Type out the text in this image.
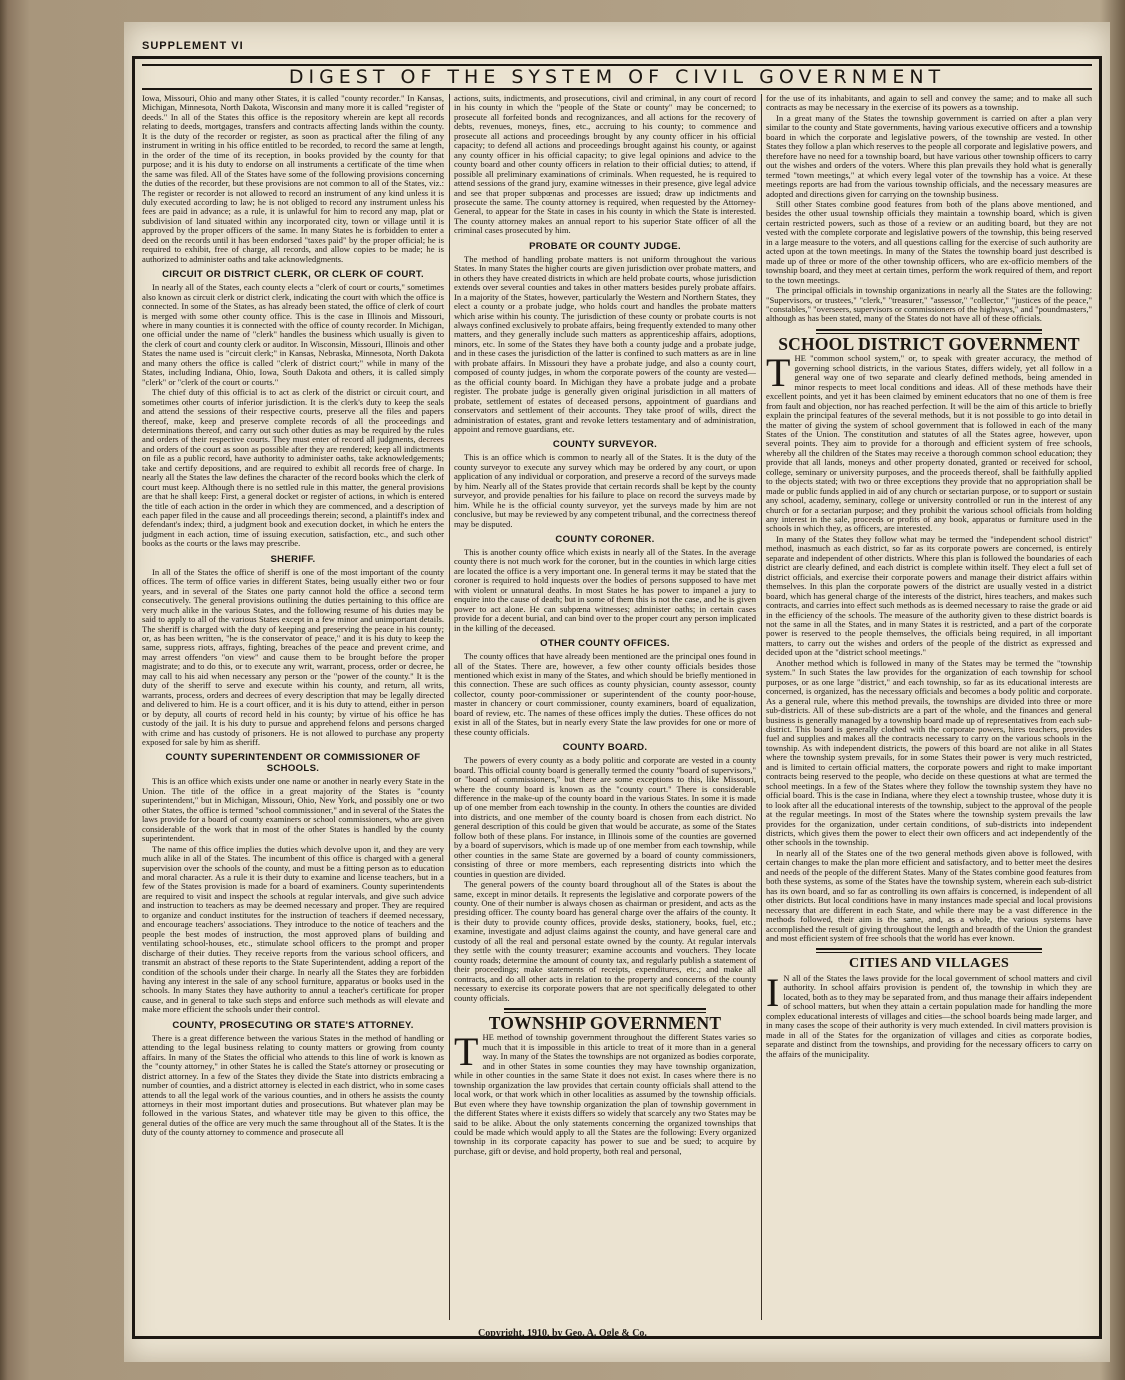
SUPPLEMENT VI
DIGEST OF THE SYSTEM OF CIVIL GOVERNMENT

Iowa, Missouri, Ohio and many other States, it is called "county recorder." In Kansas, Michigan, Minnesota, North Dakota, Wisconsin and many more it is called "register of deeds." In all of the States this office is the repository wherein are kept all records relating to deeds, mortgages, transfers and contracts affecting lands within the county. It is the duty of the recorder or register, as soon as practical after the filing of any instrument in writing in his office entitled to be recorded, to record the same at length, in the order of the time of its reception, in books provided by the county for that purpose; and it is his duty to endorse on all instruments a certificate of the time when the same was filed. All of the States have some of the following provisions concerning the duties of the recorder, but these provisions are not common to all of the States, viz.: The register or recorder is not allowed to record an instrument of any kind unless it is duly executed according to law; he is not obliged to record any instrument unless his fees are paid in advance; as a rule, it is unlawful for him to record any map, plat or subdivision of land situated within any incorporated city, town or village until it is approved by the proper officers of the same. In many States he is forbidden to enter a deed on the records until it has been endorsed "taxes paid" by the proper official; he is required to exhibit, free of charge, all records, and allow copies to be made; he is authorized to administer oaths and take acknowledgments.

CIRCUIT OR DISTRICT CLERK, OR CLERK OF COURT.

In nearly all of the States, each county elects a "clerk of court or courts," sometimes also known as circuit clerk or district clerk, indicating the court with which the office is connected. In some of the States, as has already been stated, the office of clerk of court is merged with some other county office. This is the case in Illinois and Missouri, where in many counties it is connected with the office of county recorder. In Michigan, one official under the name of "clerk" handles the business which usually is given to the clerk of court and county clerk or auditor. In Wisconsin, Missouri, Illinois and other States the name used is "circuit clerk;" in Kansas, Nebraska, Minnesota, North Dakota and many others the office is called "clerk of district court;" while in many of the States, including Indiana, Ohio, Iowa, South Dakota and others, it is called simply "clerk" or "clerk of the court or courts."

The chief duty of this official is to act as clerk of the district or circuit court, and sometimes other courts of inferior jurisdiction. It is the clerk's duty to keep the seals and attend the sessions of their respective courts, preserve all the files and papers thereof, make, keep and preserve complete records of all the proceedings and determinations thereof, and carry out such other duties as may be required by the rules and orders of their respective courts. They must enter of record all judgments, decrees and orders of the court as soon as possible after they are rendered; keep all indictments on file as a public record, have authority to administer oaths, take acknowledgements; take and certify depositions, and are required to exhibit all records free of charge. In nearly all the States the law defines the character of the record books which the clerk of court must keep. Although there is no settled rule in this matter, the general provisions are that he shall keep: First, a general docket or register of actions, in which is entered the title of each action in the order in which they are commenced, and a description of each paper filed in the cause and all proceedings therein; second, a plaintiff's index and defendant's index; third, a judgment book and execution docket, in which he enters the judgment in each action, time of issuing execution, satisfaction, etc., and such other books as the courts or the laws may prescribe.

SHERIFF.

In all of the States the office of sheriff is one of the most important of the county offices. The term of office varies in different States, being usually either two or four years, and in several of the States one party cannot hold the office a second term consecutively. The general provisions outlining the duties pertaining to this office are very much alike in the various States, and the following resume of his duties may be said to apply to all of the various States except in a few minor and unimportant details. The sheriff is charged with the duty of keeping and preserving the peace in his county; or, as has been written, "he is the conservator of peace," and it is his duty to keep the same, suppress riots, affrays, fighting, breaches of the peace and prevent crime, and may arrest offenders "on view" and cause them to be brought before the proper magistrate; and to do this, or to execute any writ, warrant, process, order or decree, he may call to his aid when necessary any person or the "power of the county." It is the duty of the sheriff to serve and execute within his county, and return, all writs, warrants, process, orders and decrees of every description that may be legally directed and delivered to him. He is a court officer, and it is his duty to attend, either in person or by deputy, all courts of record held in his county; by virtue of his office he has custody of the jail. It is his duty to pursue and apprehend felons and persons charged with crime and has custody of prisoners. He is not allowed to purchase any property exposed for sale by him as sheriff.

COUNTY SUPERINTENDENT OR COMMISSIONER OF SCHOOLS.

This is an office which exists under one name or another in nearly every State in the Union. The title of the office in a great majority of the States is "county superintendent," but in Michigan, Missouri, Ohio, New York, and possibly one or two other States, the office is termed "school commissioner," and in several of the States the laws provide for a board of county examiners or school commissioners, who are given considerable of the work that in most of the other States is handled by the county superintendent.

The name of this office implies the duties which devolve upon it, and they are very much alike in all of the States. The incumbent of this office is charged with a general supervision over the schools of the county, and must be a fitting person as to education and moral character. As a rule it is their duty to examine and license teachers, but in a few of the States provision is made for a board of examiners. County superintendents are required to visit and inspect the schools at regular intervals, and give such advice and instruction to teachers as may be deemed necessary and proper. They are required to organize and conduct institutes for the instruction of teachers if deemed necessary, and encourage teachers' associations. They introduce to the notice of teachers and the people the best modes of instruction, the most approved plans of building and ventilating school-houses, etc., stimulate school officers to the prompt and proper discharge of their duties. They receive reports from the various school officers, and transmit an abstract of these reports to the State Superintendent, adding a report of the condition of the schools under their charge. In nearly all the States they are forbidden having any interest in the sale of any school furniture, apparatus or books used in the schools. In many States they have authority to annul a teacher's certificate for proper cause, and in general to take such steps and enforce such methods as will elevate and make more efficient the schools under their control.

COUNTY, PROSECUTING OR STATE'S ATTORNEY.

There is a great difference between the various States in the method of handling or attending to the legal business relating to county matters or growing from county affairs. In many of the States the official who attends to this line of work is known as the "county attorney," in other States he is called the State's attorney or prosecuting or district attorney. In a few of the States they divide the State into districts embracing a number of counties, and a district attorney is elected in each district, who in some cases attends to all the legal work of the various counties, and in others he assists the county attorneys in their most important duties and prosecutions. But whatever plan may be followed in the various States, and whatever title may be given to this office, the general duties of the office are very much the same throughout all of the States. It is the duty of the county attorney to commence and prosecute all

actions, suits, indictments, and prosecutions, civil and criminal, in any court of record in his county in which the "people of the State or county" may be concerned; to prosecute all forfeited bonds and recognizances, and all actions for the recovery of debts, revenues, moneys, fines, etc., accruing to his county; to commence and prosecute all actions and proceedings brought by any county officer in his official capacity; to defend all actions and proceedings brought against his county, or against any county officer in his official capacity; to give legal opinions and advice to the county board and other county officers in relation to their official duties; to attend, if possible all preliminary examinations of criminals. When requested, he is required to attend sessions of the grand jury, examine witnesses in their presence, give legal advice and see that proper subpœnas and processes are issued; draw up indictments and prosecute the same. The county attorney is required, when requested by the Attorney-General, to appear for the State in cases in his county in which the State is interested. The county attorney makes an annual report to his superior State officer of all the criminal cases prosecuted by him.

PROBATE OR COUNTY JUDGE.

The method of handling probate matters is not uniform throughout the various States. In many States the higher courts are given jurisdiction over probate matters, and in others they have created districts in which are held probate courts, whose jurisdiction extends over several counties and takes in other matters besides purely probate affairs. In a majority of the States, however, particularly the Western and Northern States, they elect a county or a probate judge, who holds court and handles the probate matters which arise within his county. The jurisdiction of these county or probate courts is not always confined exclusively to probate affairs, being frequently extended to many other matters, and they generally include such matters as apprenticeship affairs, adoptions, minors, etc. In some of the States they have both a county judge and a probate judge, and in these cases the jurisdiction of the latter is confined to such matters as are in line with probate affairs. In Missouri they have a probate judge, and also a county court, composed of county judges, in whom the corporate powers of the county are vested—as the official county board. In Michigan they have a probate judge and a probate register. The probate judge is generally given original jurisdiction in all matters of probate, settlement of estates of deceased persons, appointment of guardians and conservators and settlement of their accounts. They take proof of wills, direct the administration of estates, grant and revoke letters testamentary and of administration, appoint and remove guardians, etc.

COUNTY SURVEYOR.

This is an office which is common to nearly all of the States. It is the duty of the county surveyor to execute any survey which may be ordered by any court, or upon application of any individual or corporation, and preserve a record of the surveys made by him. Nearly all of the States provide that certain records shall be kept by the county surveyor, and provide penalties for his failure to place on record the surveys made by him. While he is the official county surveyor, yet the surveys made by him are not conclusive, but may be reviewed by any competent tribunal, and the correctness thereof may be disputed.

COUNTY CORONER.

This is another county office which exists in nearly all of the States. In the average county there is not much work for the coroner, but in the counties in which large cities are located the office is a very important one. In general terms it may be stated that the coroner is required to hold inquests over the bodies of persons supposed to have met with violent or unnatural deaths. In most States he has power to impanel a jury to enquire into the cause of death; but in some of them this is not the case, and he is given power to act alone. He can subpœna witnesses; administer oaths; in certain cases provide for a decent burial, and can bind over to the proper court any person implicated in the killing of the deceased.

OTHER COUNTY OFFICES.

The county offices that have already been mentioned are the principal ones found in all of the States. There are, however, a few other county officials besides those mentioned which exist in many of the States, and which should be briefly mentioned in this connection. These are such offices as county physician, county assessor, county collector, county poor-commissioner or superintendent of the county poor-house, master in chancery or court commissioner, county examiners, board of equalization, board of review, etc. The names of these offices imply the duties. These offices do not exist in all of the States, but in nearly every State the law provides for one or more of these county officials.

COUNTY BOARD.

The powers of every county as a body politic and corporate are vested in a county board. This official county board is generally termed the county "board of supervisors," or "board of commissioners," but there are some exceptions to this, like Missouri, where the county board is known as the "county court." There is considerable difference in the make-up of the county board in the various States. In some it is made up of one member from each township in the county. In others the counties are divided into districts, and one member of the county board is chosen from each district. No general description of this could be given that would be accurate, as some of the States follow both of these plans. For instance, in Illinois some of the counties are governed by a board of supervisors, which is made up of one member from each township, while other counties in the same State are governed by a board of county commissioners, consisting of three or more members, each representing districts into which the counties in question are divided.

The general powers of the county board throughout all of the States is about the same, except in minor details. It represents the legislative and corporate powers of the county. One of their number is always chosen as chairman or president, and acts as the presiding officer. The county board has general charge over the affairs of the county. It is their duty to provide county offices, provide desks, stationery, books, fuel, etc.; examine, investigate and adjust claims against the county, and have general care and custody of all the real and personal estate owned by the county. At regular intervals they settle with the county treasurer; examine accounts and vouchers. They locate county roads; determine the amount of county tax, and regularly publish a statement of their proceedings; make statements of receipts, expenditures, etc.; and make all contracts, and do all other acts in relation to the property and concerns of the county necessary to exercise its corporate powers that are not specifically delegated to other county officials.

TOWNSHIP GOVERNMENT

THE method of township government throughout the different States varies so much that it is impossible in this article to treat of it more than in a general way. In many of the States the townships are not organized as bodies corporate, and in other States in some counties they may have township organization, while in other counties in the same State it does not exist. In cases where there is no township organization the law provides that certain county officials shall attend to the local work, or that work which in other localities as assumed by the township officials. But even where they have township organization the plan of township government in the different States where it exists differs so widely that scarcely any two States may be said to be alike. About the only statements concerning the organized townships that could be made which would apply to all the States are the following: Every organized township in its corporate capacity has power to sue and be sued; to acquire by purchase, gift or devise, and hold property, both real and personal,

for the use of its inhabitants, and again to sell and convey the same; and to make all such contracts as may be necessary in the exercise of its powers as a township.

In a great many of the States the township government is carried on after a plan very similar to the county and State governments, having various executive officers and a township board in which the corporate and legislative powers, of the township are vested. In other States they follow a plan which reserves to the people all corporate and legislative powers, and therefore have no need for a township board, but have various other township officers to carry out the wishes and orders of the voters. Where this plan prevails they hold what is generally termed "town meetings," at which every legal voter of the township has a voice. At these meetings reports are had from the various township officials, and the necessary measures are adopted and directions given for carrying on the township business.

Still other States combine good features from both of the plans above mentioned, and besides the other usual township officials they maintain a township board, which is given certain restricted powers, such as those of a review or an auditing board, but they are not vested with the complete corporate and legislative powers of the township, this being reserved in a large measure to the voters, and all questions calling for the exercise of such authority are acted upon at the town meetings. In many of the States the township board just described is made up of three or more of the other township officers, who are ex-officio members of the township board, and they meet at certain times, perform the work required of them, and report to the town meetings.

The principal officials in township organizations in nearly all the States are the following: "Supervisors, or trustees," "clerk," "treasurer," "assessor," "collector," "justices of the peace," "constables," "overseers, supervisors or commissioners of the highways," and "poundmasters," although as has been stated, many of the States do not have all of these officials.

SCHOOL DISTRICT GOVERNMENT

THE "common school system," or, to speak with greater accuracy, the method of governing school districts, in the various States, differs widely, yet all follow in a general way one of two separate and clearly defined methods, being amended in minor respects to meet local conditions and ideas. All of these methods have their excellent points, and yet it has been claimed by eminent educators that no one of them is free from fault and objection, nor has reached perfection. It will be the aim of this article to briefly explain the principal features of the several methods, but it is not possible to go into detail in the matter of giving the system of school government that is followed in each of the many States of the Union. The constitution and statutes of all the States agree, however, upon several points. They aim to provide for a thorough and efficient system of free schools, whereby all the children of the States may receive a thorough common school education; they provide that all lands, moneys and other property donated, granted or received for school, college, seminary or university purposes, and the proceeds thereof, shall be faithfully applied to the objects stated; with two or three exceptions they provide that no appropriation shall be made or public funds applied in aid of any church or sectarian purpose, or to support or sustain any school, academy, seminary, college or university controlled or run in the interest of any church or for a sectarian purpose; and they prohibit the various school officials from holding any interest in the sale, proceeds or profits of any book, apparatus or furniture used in the schools in which they, as officers, are interested.

In many of the States they follow what may be termed the "independent school district" method, inasmuch as each district, so far as its corporate powers are concerned, is entirely separate and independent of other districts. Where this plan is followed the boundaries of each district are clearly defined, and each district is complete within itself. They elect a full set of district officials, and exercise their corporate powers and manage their district affairs within themselves. In this plan the corporate powers of the district are usually vested in a district board, which has general charge of the interests of the district, hires teachers, and makes such contracts, and carries into effect such methods as is deemed necessary to raise the grade or aid in the efficiency of the schools. The measure of the authority given to these district boards is not the same in all the States, and in many States it is restricted, and a part of the corporate power is reserved to the people themselves, the officials being required, in all important matters, to carry out the wishes and orders of the people of the district as expressed and decided upon at the "district school meetings."

Another method which is followed in many of the States may be termed the "township system." In such States the law provides for the organization of each township for school purposes, or as one large "district," and each township, so far as its educational interests are concerned, is organized, has the necessary officials and becomes a body politic and corporate. As a general rule, where this method prevails, the townships are divided into three or more sub-districts. All of these sub-districts are a part of the whole, and the finances and general business is generally managed by a township board made up of representatives from each sub-district. This board is generally clothed with the corporate powers, hires teachers, provides fuel and supplies and makes all the contracts necessary to carry on the various schools in the township. As with independent districts, the powers of this board are not alike in all States where the township system prevails, for in some States their power is very much restricted, and is limited to certain official matters, the corporate powers and right to make important contracts being reserved to the people, who decide on these questions at what are termed the school meetings. In a few of the States where they follow the township system they have no official board. This is the case in Indiana, where they elect a township trustee, whose duty it is to look after all the educational interests of the township, subject to the approval of the people at the regular meetings. In most of the States where the township system prevails the law provides for the organization, under certain conditions, of sub-districts into independent districts, which gives them the power to elect their own officers and act independently of the other schools in the township.

In nearly all of the States one of the two general methods given above is followed, with certain changes to make the plan more efficient and satisfactory, and to better meet the desires and needs of the people of the different States. Many of the States combine good features from both these systems, as some of the States have the township system, wherein each sub-district has its own board, and so far as controlling its own affairs is concerned, is independent of all other districts. But local conditions have in many instances made special and local provisions necessary that are different in each State, and while there may be a vast difference in the methods followed, their aim is the same, and, as a whole, the various systems have accomplished the result of giving throughout the length and breadth of the Union the grandest and most efficient system of free schools that the world has ever known.

CITIES AND VILLAGES

I N all of the States the laws provide for the local government of school matters and civil authority. In school affairs provision is pendent of, the township in which they are located, both as to they may be separated from, and thus manage their affairs independent of school matters, but when they attain a certain population made for handling the more complex educational interests of villages and cities—the school boards being made larger, and in many cases the scope of their authority is very much extended. In civil matters provision is made in all of the States for the organization of villages and cities as corporate bodies, separate and distinct from the townships, and providing for the necessary officers to carry on the affairs of the municipality.

Copyright, 1910, by Geo. A. Ogle & Co.
